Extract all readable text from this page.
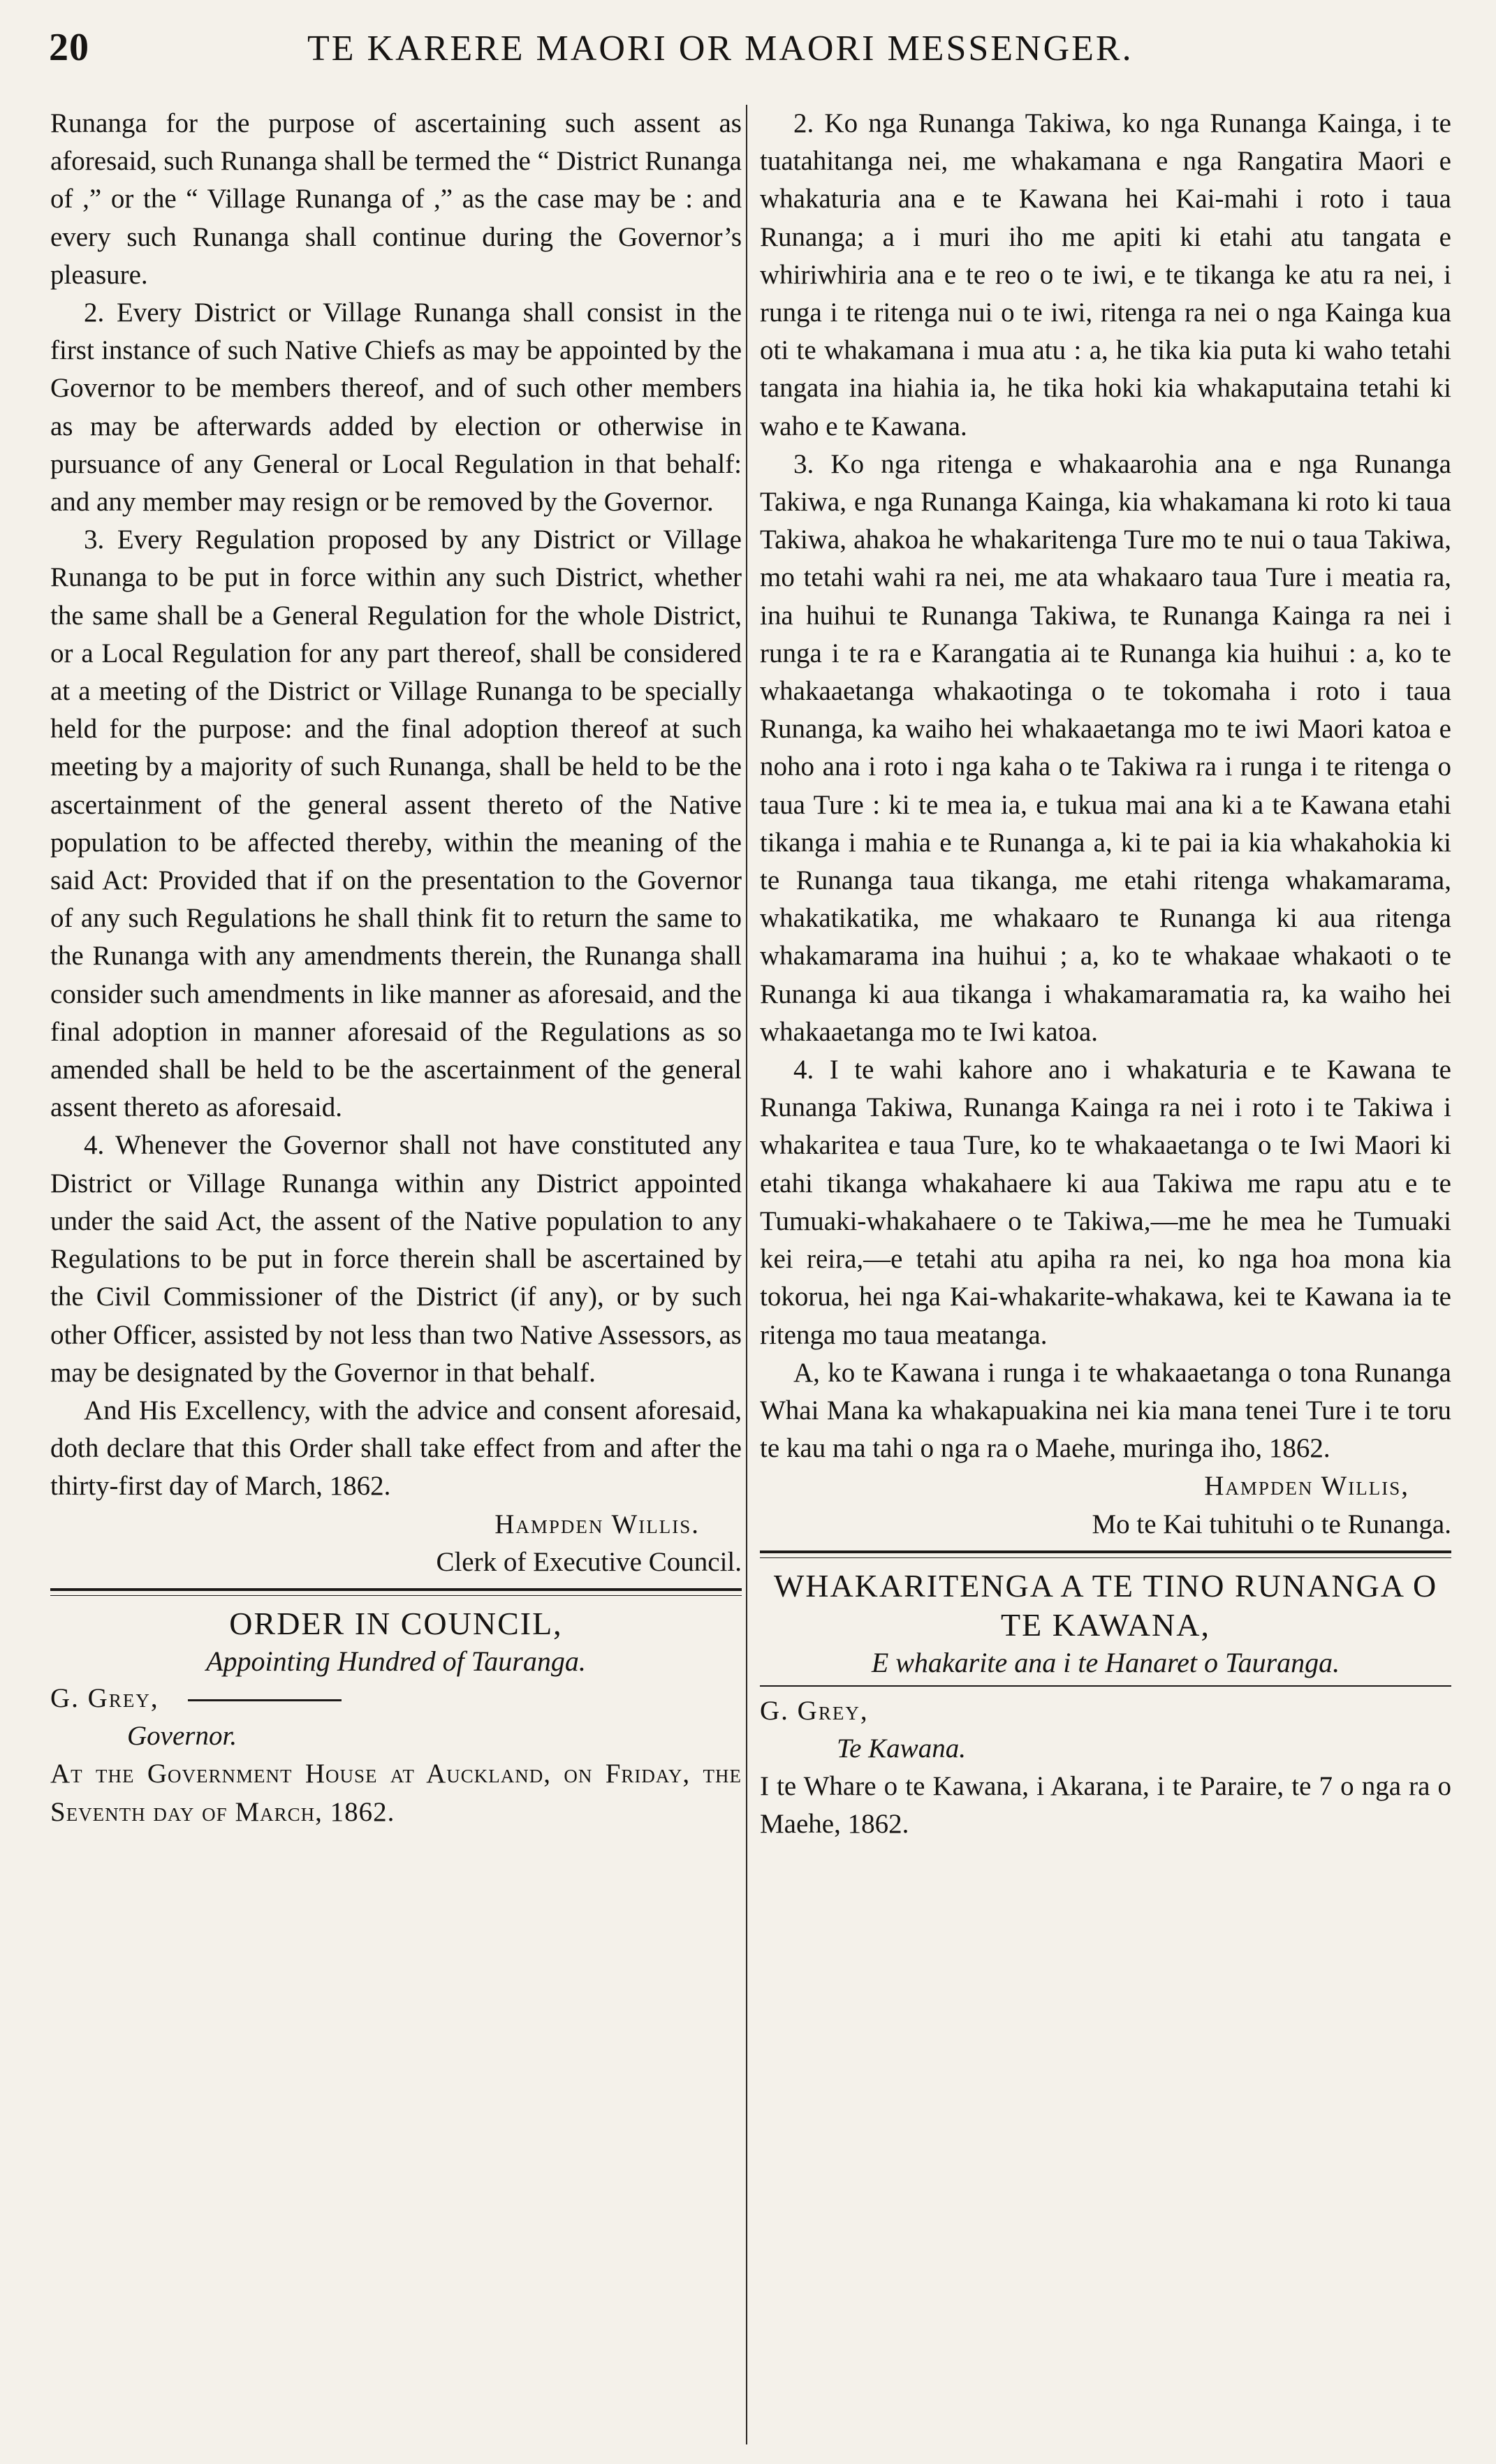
20	TE KARERE MAORI OR MAORI MESSENGER.

Runanga for the purpose of ascertaining such assent as aforesaid, such Runanga shall be termed the “ District Runanga of ,” or the “ Village Runanga of ,” as the case may be : and every such Runanga shall continue during the Governor’s pleasure.

2. Every District or Village Runanga shall consist in the first instance of such Native Chiefs as may be appointed by the Governor to be members thereof, and of such other members as may be afterwards added by election or otherwise in pursuance of any General or Local Regulation in that behalf: and any member may resign or be removed by the Governor.

3. Every Regulation proposed by any District or Village Runanga to be put in force within any such District, whether the same shall be a General Regulation for the whole District, or a Local Regulation for any part thereof, shall be considered at a meeting of the District or Village Runanga to be specially held for the purpose: and the final adoption thereof at such meeting by a majority of such Runanga, shall be held to be the ascertainment of the general assent thereto of the Native population to be affected thereby, within the meaning of the said Act: Provided that if on the presentation to the Governor of any such Regulations he shall think fit to return the same to the Runanga with any amendments therein, the Runanga shall consider such amendments in like manner as aforesaid, and the final adoption in manner aforesaid of the Regulations as so amended shall be held to be the ascertainment of the general assent thereto as aforesaid.

4. Whenever the Governor shall not have constituted any District or Village Runanga within any District appointed under the said Act, the assent of the Native population to any Regulations to be put in force therein shall be ascertained by the Civil Commissioner of the District (if any), or by such other Officer, assisted by not less than two Native Assessors, as may be designated by the Governor in that behalf.

And His Excellency, with the advice and consent aforesaid, doth declare that this Order shall take effect from and after the thirty-first day of March, 1862.

Hampden Willis.

Clerk of Executive Council.

ORDER IN COUNCIL,

Appointing Hundred of Tauranga.

G. Grey,

Governor.

At the Government House at Auckland, on Friday, the Seventh day of March, 1862.

2. Ko nga Runanga Takiwa, ko nga Runanga Kainga, i te tuatahitanga nei, me whakamana e nga Rangatira Maori e whakaturia ana e te Kawana hei Kai-mahi i roto i taua Runanga; a i muri iho me apiti ki etahi atu tangata e whiriwhiria ana e te reo o te iwi, e te tikanga ke atu ra nei, i runga i te ritenga nui o te iwi, ritenga ra nei o nga Kainga kua oti te whakamana i mua atu : a, he tika kia puta ki waho tetahi tangata ina hiahia ia, he tika hoki kia whakaputaina tetahi ki waho e te Kawana.

3. Ko nga ritenga e whakaarohia ana e nga Runanga Takiwa, e nga Runanga Kainga, kia whakamana ki roto ki taua Takiwa, ahakoa he whakaritenga Ture mo te nui o taua Takiwa, mo tetahi wahi ra nei, me ata whakaaro taua Ture i meatia ra, ina huihui te Runanga Takiwa, te Runanga Kainga ra nei i runga i te ra e Karangatia ai te Runanga kia huihui : a, ko te whakaaetanga whakaotinga o te tokomaha i roto i taua Runanga, ka waiho hei whakaaetanga mo te iwi Maori katoa e noho ana i roto i nga kaha o te Takiwa ra i runga i te ritenga o taua Ture : ki te mea ia, e tukua mai ana ki a te Kawana etahi tikanga i mahia e te Runanga a, ki te pai ia kia whakahokia ki te Runanga taua tikanga, me etahi ritenga whakamarama, whakatikatika, me whakaaro te Runanga ki aua ritenga whakamarama ina huihui ; a, ko te whakaae whakaoti o te Runanga ki aua tikanga i whakamaramatia ra, ka waiho hei whakaaetanga mo te Iwi katoa.

4. I te wahi kahore ano i whakaturia e te Kawana te Runanga Takiwa, Runanga Kainga ra nei i roto i te Takiwa i whakaritea e taua Ture, ko te whakaaetanga o te Iwi Maori ki etahi tikanga whakahaere ki aua Takiwa me rapu atu e te Tumuaki-whakahaere o te Takiwa,—me he mea he Tumuaki kei reira,—e tetahi atu apiha ra nei, ko nga hoa mona kia tokorua, hei nga Kai-whakarite-whakawa, kei te Kawana ia te ritenga mo taua meatanga.

A, ko te Kawana i runga i te whakaaetanga o tona Runanga Whai Mana ka whakapuakina nei kia mana tenei Ture i te toru te kau ma tahi o nga ra o Maehe, muringa iho, 1862.

Hampden Willis,

Mo te Kai tuhituhi o te Runanga.

WHAKARITENGA A TE TINO RUNANGA O TE KAWANA,

E whakarite ana i te Hanaret o Tauranga.

G. Grey,

Te Kawana.

I te Whare o te Kawana, i Akarana, i te Paraire, te 7 o nga ra o Maehe, 1862.
